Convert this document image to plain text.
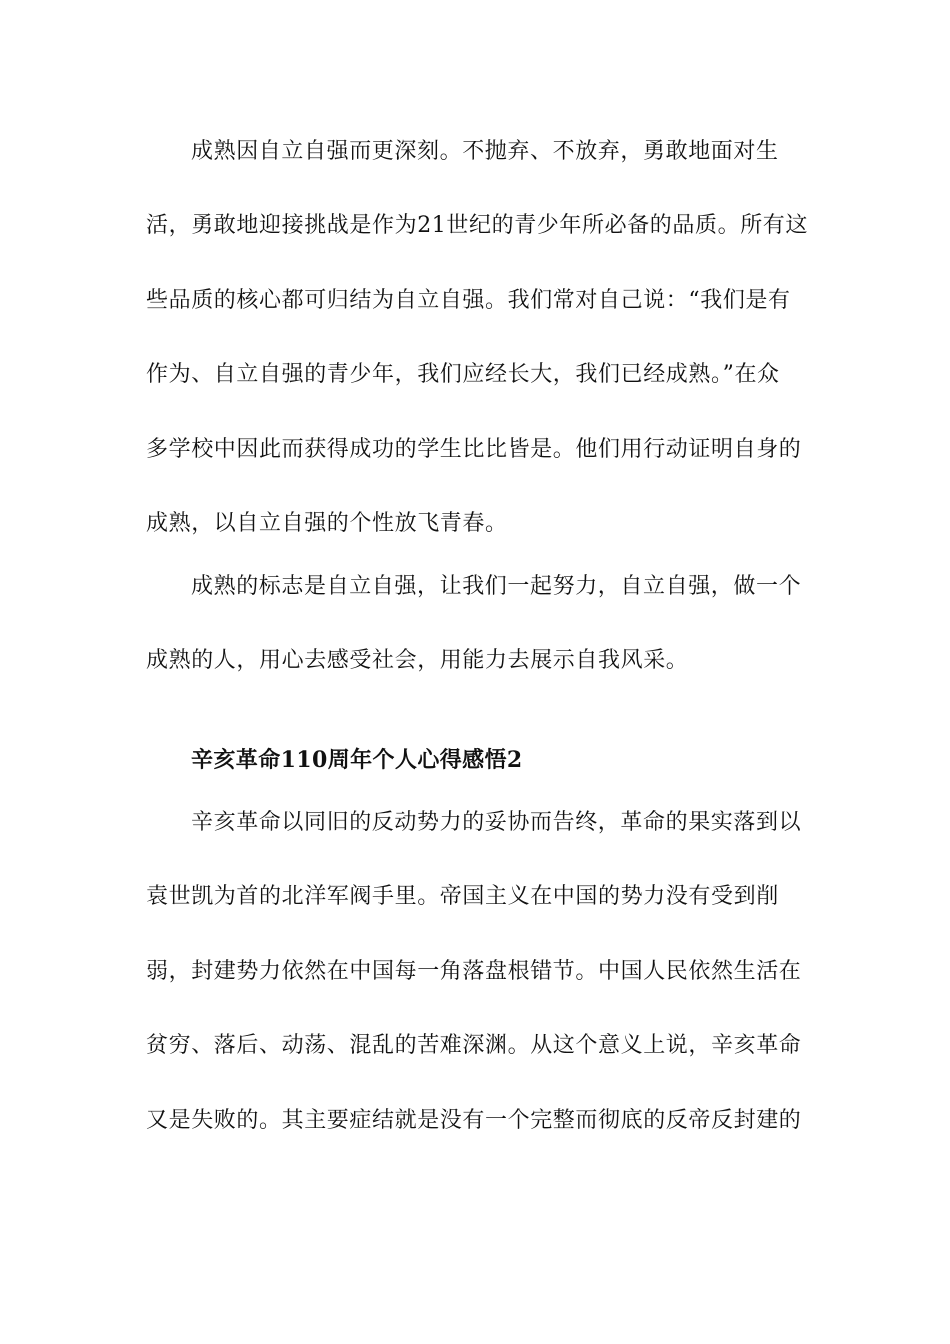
成熟因自立自强而更深刻。不抛弃、不放弃，勇敢地面对生
活，勇敢地迎接挑战是作为21世纪的青少年所必备的品质。所有这
些品质的核心都可归结为自立自强。我们常对自己说：“我们是有
作为、自立自强的青少年，我们应经长大，我们已经成熟。”在众
多学校中因此而获得成功的学生比比皆是。他们用行动证明自身的
成熟，以自立自强的个性放飞青春。
成熟的标志是自立自强，让我们一起努力，自立自强，做一个
成熟的人，用心去感受社会，用能力去展示自我风采。
辛亥革命110周年个人心得感悟2
辛亥革命以同旧的反动势力的妥协而告终，革命的果实落到以
袁世凯为首的北洋军阀手里。帝国主义在中国的势力没有受到削
弱，封建势力依然在中国每一角落盘根错节。中国人民依然生活在
贫穷、落后、动荡、混乱的苦难深渊。从这个意义上说，辛亥革命
又是失败的。其主要症结就是没有一个完整而彻底的反帝反封建的
